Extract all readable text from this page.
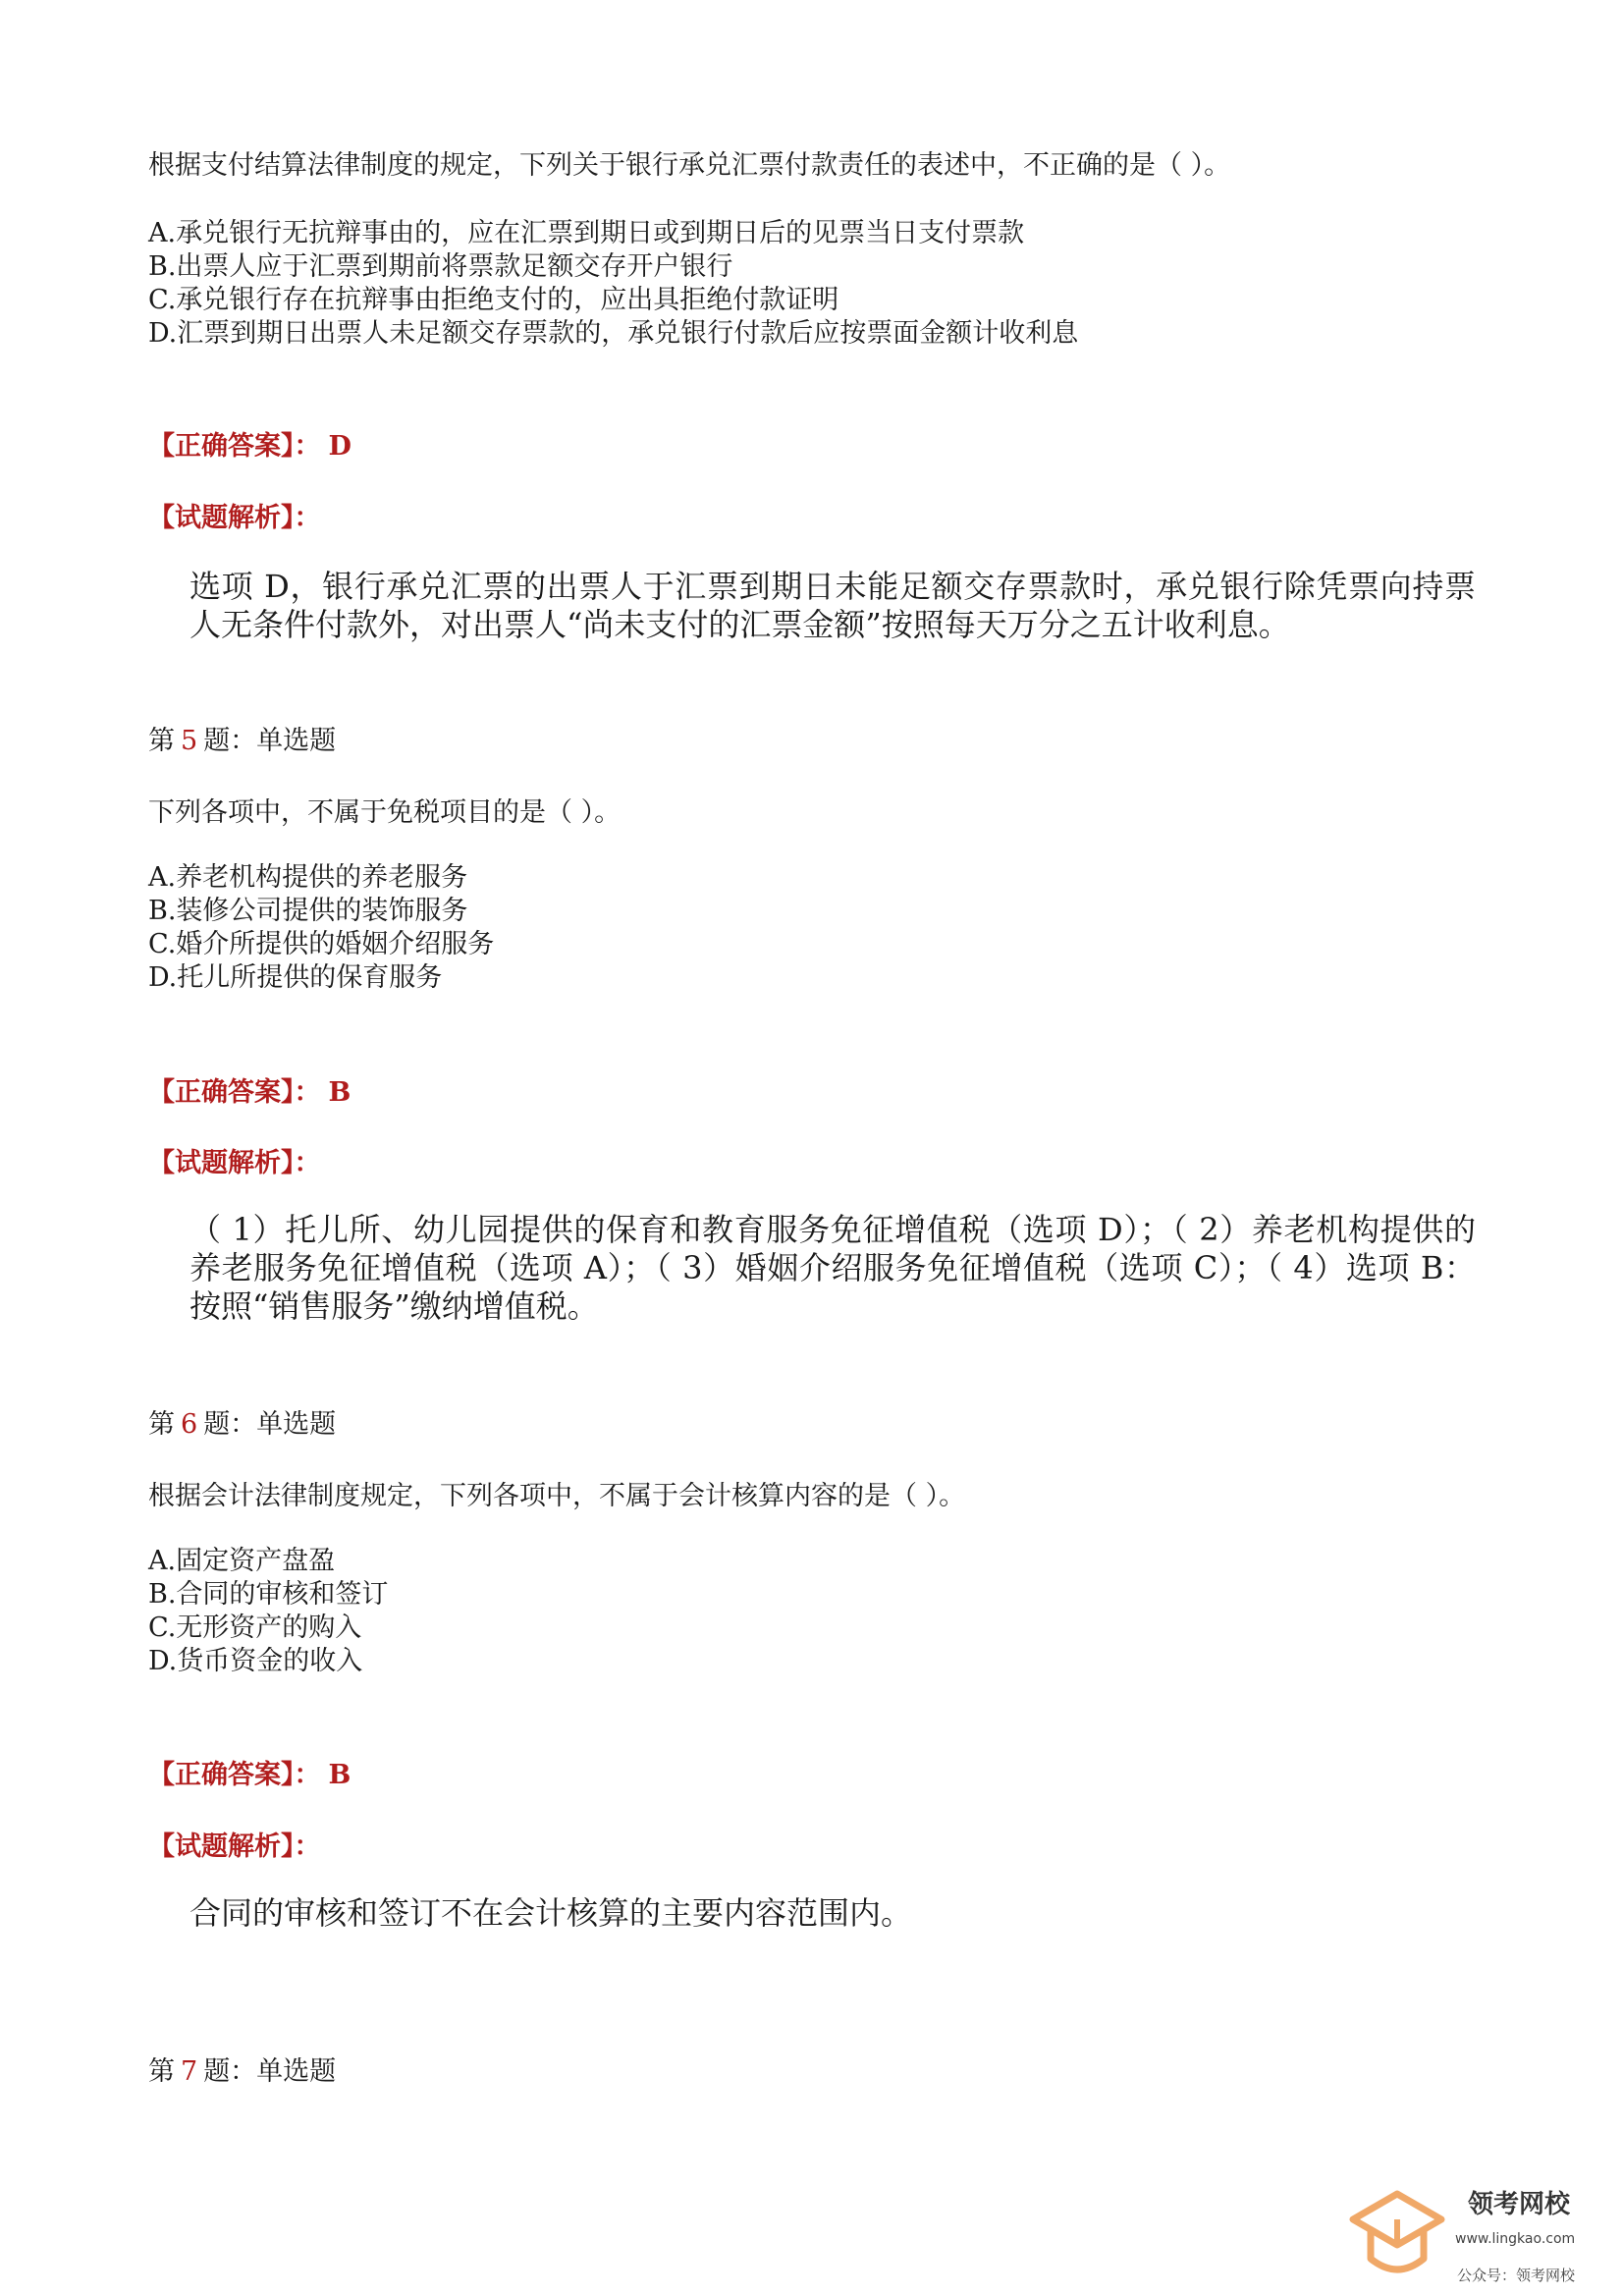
根据支付结算法律制度的规定，下列关于银行承兑汇票付款责任的表述中，不正确的是（ ）。

A.承兑银行无抗辩事由的，应在汇票到期日或到期日后的见票当日支付票款
B.出票人应于汇票到期前将票款足额交存开户银行
C.承兑银行存在抗辩事由拒绝支付的，应出具拒绝付款证明
D.汇票到期日出票人未足额交存票款的，承兑银行付款后应按票面金额计收利息

【正确答案】： D

【试题解析】：

选项 D，银行承兑汇票的出票人于汇票到期日未能足额交存票款时，承兑银行除凭票向持票人无条件付款外，对出票人“尚未支付的汇票金额”按照每天万分之五计收利息。

第 5 题：单选题

下列各项中，不属于免税项目的是（ ）。

A.养老机构提供的养老服务
B.装修公司提供的装饰服务
C.婚介所提供的婚姻介绍服务
D.托儿所提供的保育服务

【正确答案】： B

【试题解析】：

（ 1）托儿所、幼儿园提供的保育和教育服务免征增值税（选项 D）；（ 2）养老机构提供的养老服务免征增值税（选项 A）；（ 3）婚姻介绍服务免征增值税（选项 C）；（ 4）选项 B：按照“销售服务”缴纳增值税。

第 6 题：单选题

根据会计法律制度规定，下列各项中，不属于会计核算内容的是（ ）。

A.固定资产盘盈
B.合同的审核和签订
C.无形资产的购入
D.货币资金的收入

【正确答案】： B

【试题解析】：

合同的审核和签订不在会计核算的主要内容范围内。

第 7 题：单选题

领考网校
www.lingkao.com
公众号：领考网校
